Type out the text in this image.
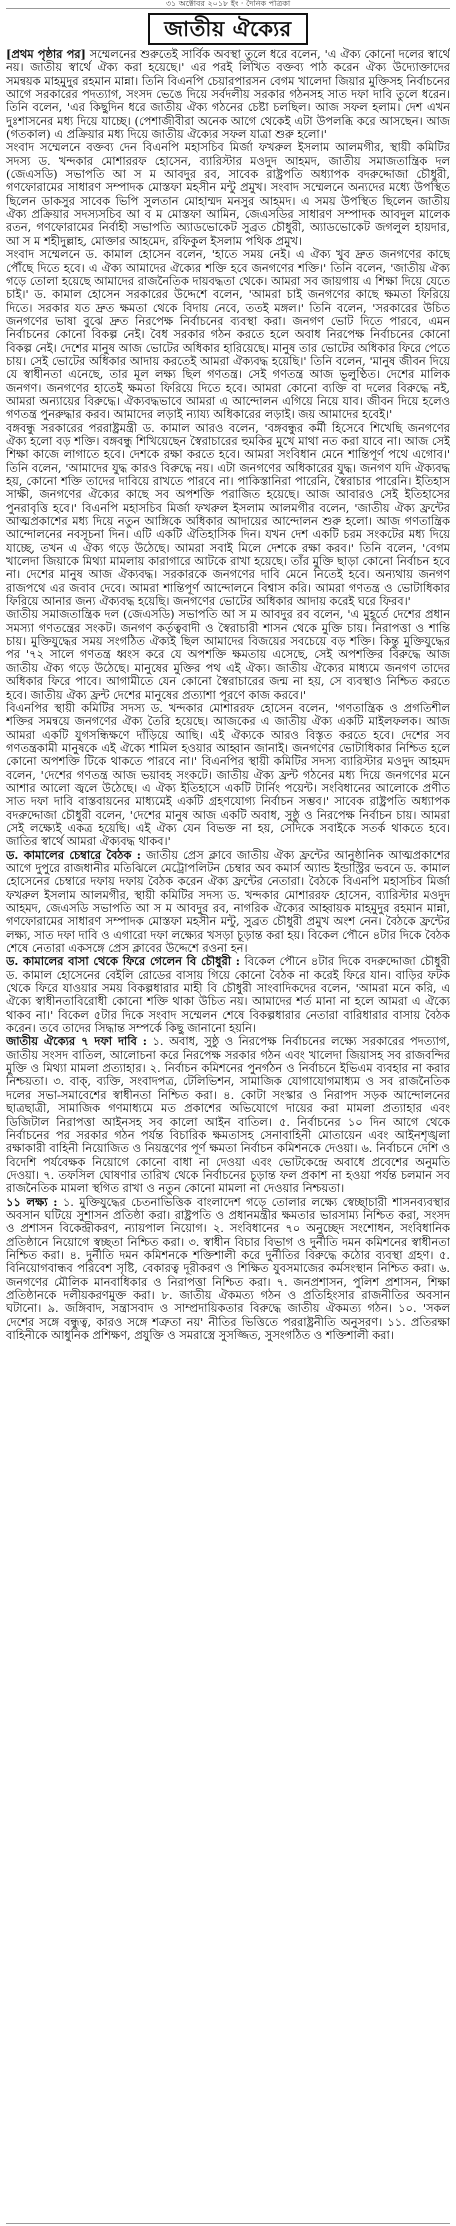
৩১ অক্টোবর ২০১৮ ইং · দৈনিক পত্রিকা
জাতীয় ঐক্যের

[প্রথম পৃষ্ঠার পর] সম্মেলনের শুরুতেই সার্বিক অবস্থা তুলে ধরে বলেন, 'এ ঐক্য কোনো দলের স্বার্থে নয়। জাতীয় স্বার্থে ঐক্য করা হয়েছে।' এর পরই লিখিত বক্তব্য পাঠ করেন ঐক্য উদ্যোক্তাদের সমন্বয়ক মাহমুদুর রহমান মান্না। তিনি বিএনপি চেয়ারপারসন বেগম খালেদা জিয়ার মুক্তিসহ নির্বাচনের আগে সরকারের পদত্যাগ, সংসদ ভেঙে দিয়ে সর্বদলীয় সরকার গঠনসহ সাত দফা দাবি তুলে ধরেন। তিনি বলেন, 'এর কিছুদিন ধরে জাতীয় ঐক্য গঠনের চেষ্টা চলছিল। আজ সফল হলাম। দেশ এখন দুঃশাসনের মধ্য দিয়ে যাচ্ছে। (পেশাজীবীরা অনেক আগে থেকেই এটা উপলব্ধি করে আসছেন। আজ (গতকাল) এ প্রক্রিয়ার মধ্য দিয়ে জাতীয় ঐক্যের সফল যাত্রা শুরু হলো।'

সংবাদ সম্মেলনে বক্তব্য দেন বিএনপি মহাসচিব মির্জা ফখরুল ইসলাম আলমগীর, স্থায়ী কমিটির সদস্য ড. খন্দকার মোশাররফ হোসেন, ব্যারিস্টার মওদুদ আহমদ, জাতীয় সমাজতান্ত্রিক দল (জেএসডি) সভাপতি আ স ম আবদুর রব, সাবেক রাষ্ট্রপতি অধ্যাপক বদরুদ্দোজা চৌধুরী, গণফোরামের সাধারণ সম্পাদক মোস্তফা মহসীন মন্টু প্রমুখ। সংবাদ সম্মেলনে অন্যদের মধ্যে উপস্থিত ছিলেন ডাকসুর সাবেক ভিপি সুলতান মোহাম্মদ মনসুর আহমদ। এ সময় উপস্থিত ছিলেন জাতীয় ঐক্য প্রক্রিয়ার সদস্যসচিব আ ব ম মোস্তফা আমিন, জেএসডির সাধারণ সম্পাদক আবদুল মালেক রতন, গণফোরামের নির্বাহী সভাপতি অ্যাডভোকেট সুব্রত চৌধুরী, অ্যাডভোকেট জগলুল হায়দার, আ স ম শহীদুল্লাহ, মোক্তার আহমেদ, রফিকুল ইসলাম পথিক প্রমুখ।

সংবাদ সম্মেলনে ড. কামাল হোসেন বলেন, 'হাতে সময় নেই। এ ঐক্য খুব দ্রুত জনগণের কাছে পৌঁছে দিতে হবে। এ ঐক্য আমাদের ঐক্যের শক্তি হবে জনগণের শক্তি।' তিনি বলেন, 'জাতীয় ঐক্য গড়ে তোলা হয়েছে আমাদের রাজনৈতিক দায়বদ্ধতা থেকে। আমরা সব জায়গায় এ শিক্ষা দিয়ে যেতে চাই।' ড. কামাল হোসেন সরকারের উদ্দেশে বলেন, 'আমরা চাই জনগণের কাছে ক্ষমতা ফিরিয়ে দিতে। সরকার যত দ্রুত ক্ষমতা থেকে বিদায় নেবে, ততই মঙ্গল।' তিনি বলেন, 'সরকারের উচিত জনগণের ভাষা বুঝে দ্রুত নিরপেক্ষ নির্বাচনের ব্যবস্থা করা। জনগণ ভোট দিতে পারবে, এমন নির্বাচনের কোনো বিকল্প নেই। বৈধ সরকার গঠন করতে হলে অবাধ নিরপেক্ষ নির্বাচনের কোনো বিকল্প নেই। দেশের মানুষ আজ ভোটের অধিকার হারিয়েছে। মানুষ তার ভোটের অধিকার ফিরে পেতে চায়। সেই ভোটের অধিকার আদায় করতেই আমরা ঐক্যবদ্ধ হয়েছি।' তিনি বলেন, 'মানুষ জীবন দিয়ে যে স্বাধীনতা এনেছে, তার মূল লক্ষ্য ছিল গণতন্ত্র। সেই গণতন্ত্র আজ ভূলুণ্ঠিত। দেশের মালিক জনগণ। জনগণের হাতেই ক্ষমতা ফিরিয়ে দিতে হবে। আমরা কোনো ব্যক্তি বা দলের বিরুদ্ধে নই, আমরা অন্যায়ের বিরুদ্ধে। ঐক্যবদ্ধভাবে আমরা এ আন্দোলন এগিয়ে নিয়ে যাব। জীবন দিয়ে হলেও গণতন্ত্র পুনরুদ্ধার করব। আমাদের লড়াই ন্যায্য অধিকারের লড়াই। জয় আমাদের হবেই।'

বঙ্গবন্ধু সরকারের পররাষ্ট্রমন্ত্রী ড. কামাল আরও বলেন, 'বঙ্গবন্ধুর কর্মী হিসেবে শিখেছি জনগণের ঐক্য হলো বড় শক্তি। বঙ্গবন্ধু শিখিয়েছেন স্বৈরাচারের হুমকির মুখে মাথা নত করা যাবে না। আজ সেই শিক্ষা কাজে লাগাতে হবে। দেশকে রক্ষা করতে হবে। আমরা সংবিধান মেনে শান্তিপূর্ণ পথে এগোব।' তিনি বলেন, 'আমাদের যুদ্ধ কারও বিরুদ্ধে নয়। এটা জনগণের অধিকারের যুদ্ধ। জনগণ যদি ঐক্যবদ্ধ হয়, কোনো শক্তি তাদের দাবিয়ে রাখতে পারবে না। পাকিস্তানিরা পারেনি, স্বৈরাচার পারেনি। ইতিহাস সাক্ষী, জনগণের ঐক্যের কাছে সব অপশক্তি পরাজিত হয়েছে। আজ আবারও সেই ইতিহাসের পুনরাবৃত্তি হবে।' বিএনপি মহাসচিব মির্জা ফখরুল ইসলাম আলমগীর বলেন, 'জাতীয় ঐক্য ফ্রন্টের আত্মপ্রকাশের মধ্য দিয়ে নতুন আঙ্গিকে অধিকার আদায়ের আন্দোলন শুরু হলো। আজ গণতান্ত্রিক আন্দোলনের নবসূচনা দিন। এটি একটি ঐতিহাসিক দিন। যখন দেশ একটি চরম সংকটের মধ্য দিয়ে যাচ্ছে, তখন এ ঐক্য গড়ে উঠেছে। আমরা সবাই মিলে দেশকে রক্ষা করব।' তিনি বলেন, 'বেগম খালেদা জিয়াকে মিথ্যা মামলায় কারাগারে আটকে রাখা হয়েছে। তাঁর মুক্তি ছাড়া কোনো নির্বাচন হবে না। দেশের মানুষ আজ ঐক্যবদ্ধ। সরকারকে জনগণের দাবি মেনে নিতেই হবে। অন্যথায় জনগণ রাজপথে এর জবাব দেবে। আমরা শান্তিপূর্ণ আন্দোলনে বিশ্বাস করি। আমরা গণতন্ত্র ও ভোটাধিকার ফিরিয়ে আনার জন্য ঐক্যবদ্ধ হয়েছি। জনগণের ভোটের অধিকার আদায় করেই ঘরে ফিরব।'

জাতীয় সমাজতান্ত্রিক দল (জেএসডি) সভাপতি আ স ম আবদুর রব বলেন, 'এ মুহূর্তে দেশের প্রধান সমস্যা গণতন্ত্রের সংকট। জনগণ কর্তৃত্ববাদী ও স্বৈরাচারী শাসন থেকে মুক্তি চায়। নিরাপত্তা ও শান্তি চায়। মুক্তিযুদ্ধের সময় সংগঠিত ঐক্যই ছিল আমাদের বিজয়ের সবচেয়ে বড় শক্তি। কিন্তু মুক্তিযুদ্ধের পর '৭২ সালে গণতন্ত্র ধ্বংস করে যে অপশক্তি ক্ষমতায় এসেছে, সেই অপশক্তির বিরুদ্ধে আজ জাতীয় ঐক্য গড়ে উঠেছে। মানুষের মুক্তির পথ এই ঐক্য। জাতীয় ঐক্যের মাধ্যমে জনগণ তাদের অধিকার ফিরে পাবে। আগামীতে যেন কোনো স্বৈরাচারের জন্ম না হয়, সে ব্যবস্থাও নিশ্চিত করতে হবে। জাতীয় ঐক্য ফ্রন্ট দেশের মানুষের প্রত্যাশা পূরণে কাজ করবে।'

বিএনপির স্থায়ী কমিটির সদস্য ড. খন্দকার মোশাররফ হোসেন বলেন, 'গণতান্ত্রিক ও প্রগতিশীল শক্তির সমন্বয়ে জনগণের ঐক্য তৈরি হয়েছে। আজকের এ জাতীয় ঐক্য একটি মাইলফলক। আজ আমরা একটি যুগসন্ধিক্ষণে দাঁড়িয়ে আছি। এই ঐক্যকে আরও বিস্তৃত করতে হবে। দেশের সব গণতন্ত্রকামী মানুষকে এই ঐক্যে শামিল হওয়ার আহ্বান জানাই। জনগণের ভোটাধিকার নিশ্চিত হলে কোনো অপশক্তি টিকে থাকতে পারবে না।' বিএনপির স্থায়ী কমিটির সদস্য ব্যারিস্টার মওদুদ আহমদ বলেন, 'দেশের গণতন্ত্র আজ ভয়াবহ সংকটে। জাতীয় ঐক্য ফ্রন্ট গঠনের মধ্য দিয়ে জনগণের মনে আশার আলো জ্বলে উঠেছে। এ ঐক্য ইতিহাসে একটি টার্নিং পয়েন্ট। সংবিধানের আলোকে প্রণীত সাত দফা দাবি বাস্তবায়নের মাধ্যমেই একটি গ্রহণযোগ্য নির্বাচন সম্ভব।' সাবেক রাষ্ট্রপতি অধ্যাপক বদরুদ্দোজা চৌধুরী বলেন, 'দেশের মানুষ আজ একটি অবাধ, সুষ্ঠু ও নিরপেক্ষ নির্বাচন চায়। আমরা সেই লক্ষ্যেই একত্র হয়েছি। এই ঐক্য যেন বিভক্ত না হয়, সেদিকে সবাইকে সতর্ক থাকতে হবে। জাতির স্বার্থে আমরা ঐক্যবদ্ধ থাকব।'

ড. কামালের চেম্বারে বৈঠক : জাতীয় প্রেস ক্লাবে জাতীয় ঐক্য ফ্রন্টের আনুষ্ঠানিক আত্মপ্রকাশের আগে দুপুরে রাজধানীর মতিঝিলে মেট্রোপলিটন চেম্বার অব কমার্স অ্যান্ড ইন্ডাস্ট্রির ভবনে ড. কামাল হোসেনের চেম্বারে দফায় দফায় বৈঠক করেন ঐক্য ফ্রন্টের নেতারা। বৈঠকে বিএনপি মহাসচিব মির্জা ফখরুল ইসলাম আলমগীর, স্থায়ী কমিটির সদস্য ড. খন্দকার মোশাররফ হোসেন, ব্যারিস্টার মওদুদ আহমদ, জেএসডি সভাপতি আ স ম আবদুর রব, নাগরিক ঐক্যের আহ্বায়ক মাহমুদুর রহমান মান্না, গণফোরামের সাধারণ সম্পাদক মোস্তফা মহসীন মন্টু, সুব্রত চৌধুরী প্রমুখ অংশ নেন। বৈঠকে ফ্রন্টের লক্ষ্য, সাত দফা দাবি ও এগারো দফা লক্ষ্যের খসড়া চূড়ান্ত করা হয়। বিকেল পৌনে ৪টার দিকে বৈঠক শেষে নেতারা একসঙ্গে প্রেস ক্লাবের উদ্দেশে রওনা হন।

ড. কামালের বাসা থেকে ফিরে গেলেন বি চৌধুরী : বিকেল পৌনে ৪টার দিকে বদরুদ্দোজা চৌধুরী ড. কামাল হোসেনের বেইলি রোডের বাসায় গিয়ে কোনো বৈঠক না করেই ফিরে যান। বাড়ির ফটক থেকে ফিরে যাওয়ার সময় বিকল্পধারার মাহী বি চৌধুরী সাংবাদিকদের বলেন, 'আমরা মনে করি, এ ঐক্যে স্বাধীনতাবিরোধী কোনো শক্তি থাকা উচিত নয়। আমাদের শর্ত মানা না হলে আমরা এ ঐক্যে থাকব না।' বিকেল ৫টার দিকে সংবাদ সম্মেলন শেষে বিকল্পধারার নেতারা বারিধারার বাসায় বৈঠক করেন। তবে তাদের সিদ্ধান্ত সম্পর্কে কিছু জানানো হয়নি।

জাতীয় ঐক্যের ৭ দফা দাবি : ১. অবাধ, সুষ্ঠু ও নিরপেক্ষ নির্বাচনের লক্ষ্যে সরকারের পদত্যাগ, জাতীয় সংসদ বাতিল, আলোচনা করে নিরপেক্ষ সরকার গঠন এবং খালেদা জিয়াসহ সব রাজবন্দির মুক্তি ও মিথ্যা মামলা প্রত্যাহার। ২. নির্বাচন কমিশনের পুনর্গঠন ও নির্বাচনে ইভিএম ব্যবহার না করার নিশ্চয়তা। ৩. বাক্, ব্যক্তি, সংবাদপত্র, টেলিভিশন, সামাজিক যোগাযোগমাধ্যম ও সব রাজনৈতিক দলের সভা-সমাবেশের স্বাধীনতা নিশ্চিত করা। ৪. কোটা সংস্কার ও নিরাপদ সড়ক আন্দোলনের ছাত্রছাত্রী, সামাজিক গণমাধ্যমে মত প্রকাশের অভিযোগে দায়ের করা মামলা প্রত্যাহার এবং ডিজিটাল নিরাপত্তা আইনসহ সব কালো আইন বাতিল। ৫. নির্বাচনের ১০ দিন আগে থেকে নির্বাচনের পর সরকার গঠন পর্যন্ত বিচারিক ক্ষমতাসহ সেনাবাহিনী মোতায়েন এবং আইনশৃঙ্খলা রক্ষাকারী বাহিনী নিয়োজিত ও নিয়ন্ত্রণের পূর্ণ ক্ষমতা নির্বাচন কমিশনকে দেওয়া। ৬. নির্বাচনে দেশি ও বিদেশি পর্যবেক্ষক নিয়োগে কোনো বাধা না দেওয়া এবং ভোটকেন্দ্রে অবাধে প্রবেশের অনুমতি দেওয়া। ৭. তফসিল ঘোষণার তারিখ থেকে নির্বাচনের চূড়ান্ত ফল প্রকাশ না হওয়া পর্যন্ত চলমান সব রাজনৈতিক মামলা স্থগিত রাখা ও নতুন কোনো মামলা না দেওয়ার নিশ্চয়তা।

১১ লক্ষ্য : ১. মুক্তিযুদ্ধের চেতনাভিত্তিক বাংলাদেশ গড়ে তোলার লক্ষ্যে স্বেচ্ছাচারী শাসনব্যবস্থার অবসান ঘটিয়ে সুশাসন প্রতিষ্ঠা করা। রাষ্ট্রপতি ও প্রধানমন্ত্রীর ক্ষমতার ভারসাম্য নিশ্চিত করা, সংসদ ও প্রশাসন বিকেন্দ্রীকরণ, ন্যায়পাল নিয়োগ। ২. সংবিধানের ৭০ অনুচ্ছেদ সংশোধন, সংবিধানিক প্রতিষ্ঠানে নিয়োগে স্বচ্ছতা নিশ্চিত করা। ৩. স্বাধীন বিচার বিভাগ ও দুর্নীতি দমন কমিশনের স্বাধীনতা নিশ্চিত করা। ৪. দুর্নীতি দমন কমিশনকে শক্তিশালী করে দুর্নীতির বিরুদ্ধে কঠোর ব্যবস্থা গ্রহণ। ৫. বিনিয়োগবান্ধব পরিবেশ সৃষ্টি, বেকারত্ব দূরীকরণ ও শিক্ষিত যুবসমাজের কর্মসংস্থান নিশ্চিত করা। ৬. জনগণের মৌলিক মানবাধিকার ও নিরাপত্তা নিশ্চিত করা। ৭. জনপ্রশাসন, পুলিশ প্রশাসন, শিক্ষা প্রতিষ্ঠানকে দলীয়করণমুক্ত করা। ৮. জাতীয় ঐকমত্য গঠন ও প্রতিহিংসার রাজনীতির অবসান ঘটানো। ৯. জঙ্গিবাদ, সন্ত্রাসবাদ ও সাম্প্রদায়িকতার বিরুদ্ধে জাতীয় ঐকমত্য গঠন। ১০. 'সকল দেশের সঙ্গে বন্ধুত্ব, কারও সঙ্গে শত্রুতা নয়' নীতির ভিত্তিতে পররাষ্ট্রনীতি অনুসরণ। ১১. প্রতিরক্ষা বাহিনীকে আধুনিক প্রশিক্ষণ, প্রযুক্তি ও সমরাস্ত্রে সুসজ্জিত, সুসংগঠিত ও শক্তিশালী করা।
